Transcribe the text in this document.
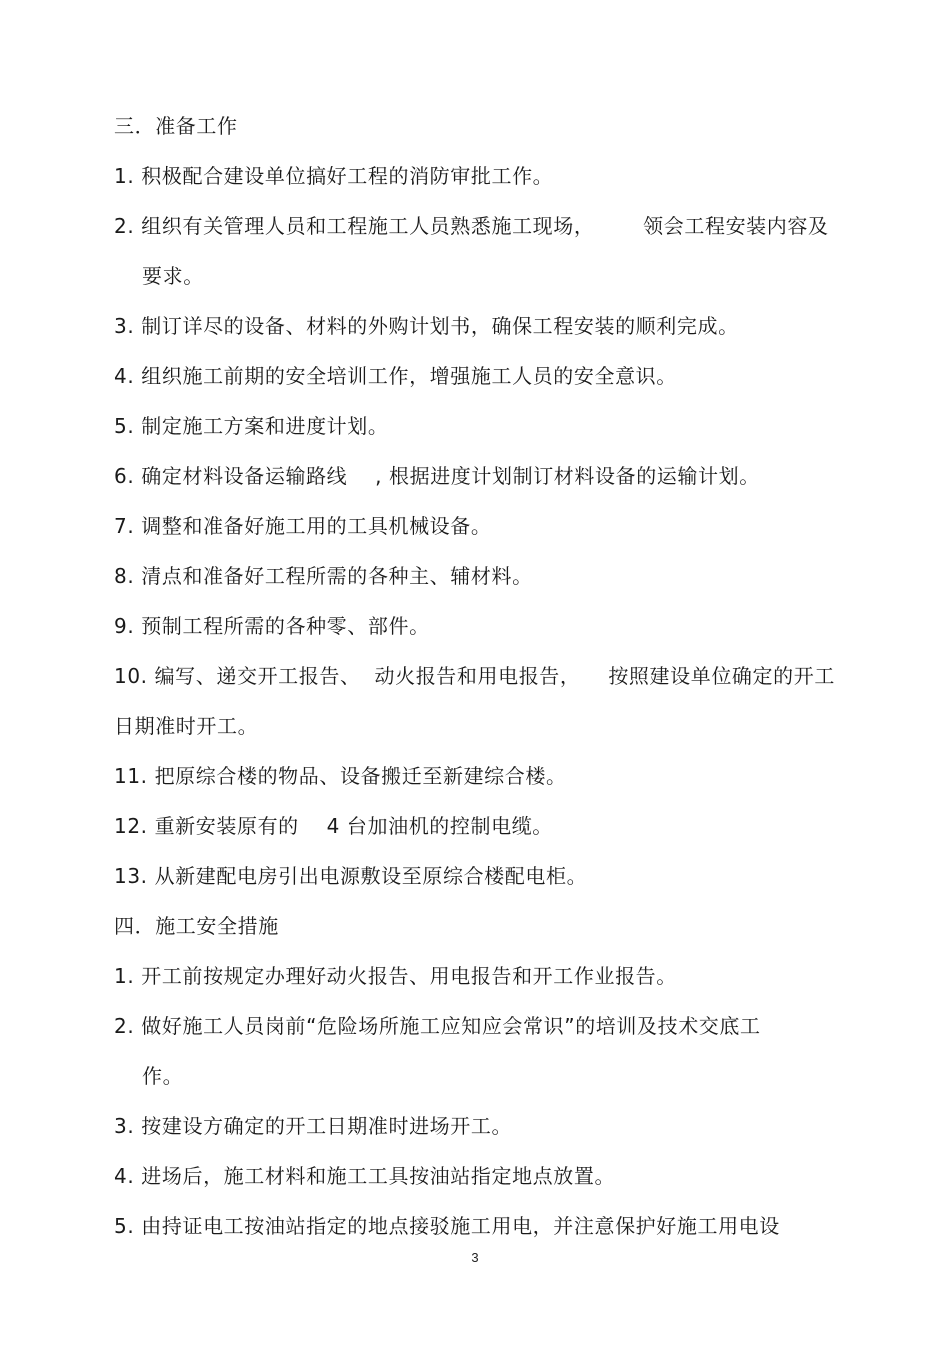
三．准备工作
1. 积极配合建设单位搞好工程的消防审批工作。
2. 组织有关管理人员和工程施工人员熟悉施工现场，       领会工程安装内容及
要求。
3. 制订详尽的设备、材料的外购计划书，确保工程安装的顺利完成。
4. 组织施工前期的安全培训工作，增强施工人员的安全意识。
5. 制定施工方案和进度计划。
6. 确定材料设备运输路线    , 根据进度计划制订材料设备的运输计划。
7. 调整和准备好施工用的工具机械设备。
8. 清点和准备好工程所需的各种主、辅材料。
9. 预制工程所需的各种零、部件。
10. 编写、递交开工报告、  动火报告和用电报告，    按照建设单位确定的开工
日期准时开工。
11. 把原综合楼的物品、设备搬迁至新建综合楼。
12. 重新安装原有的    4 台加油机的控制电缆。
13. 从新建配电房引出电源敷设至原综合楼配电柜。
四．施工安全措施
1. 开工前按规定办理好动火报告、用电报告和开工作业报告。
2. 做好施工人员岗前“危险场所施工应知应会常识”的培训及技术交底工
作。
3. 按建设方确定的开工日期准时进场开工。
4. 进场后，施工材料和施工工具按油站指定地点放置。
5. 由持证电工按油站指定的地点接驳施工用电，并注意保护好施工用电设
3
